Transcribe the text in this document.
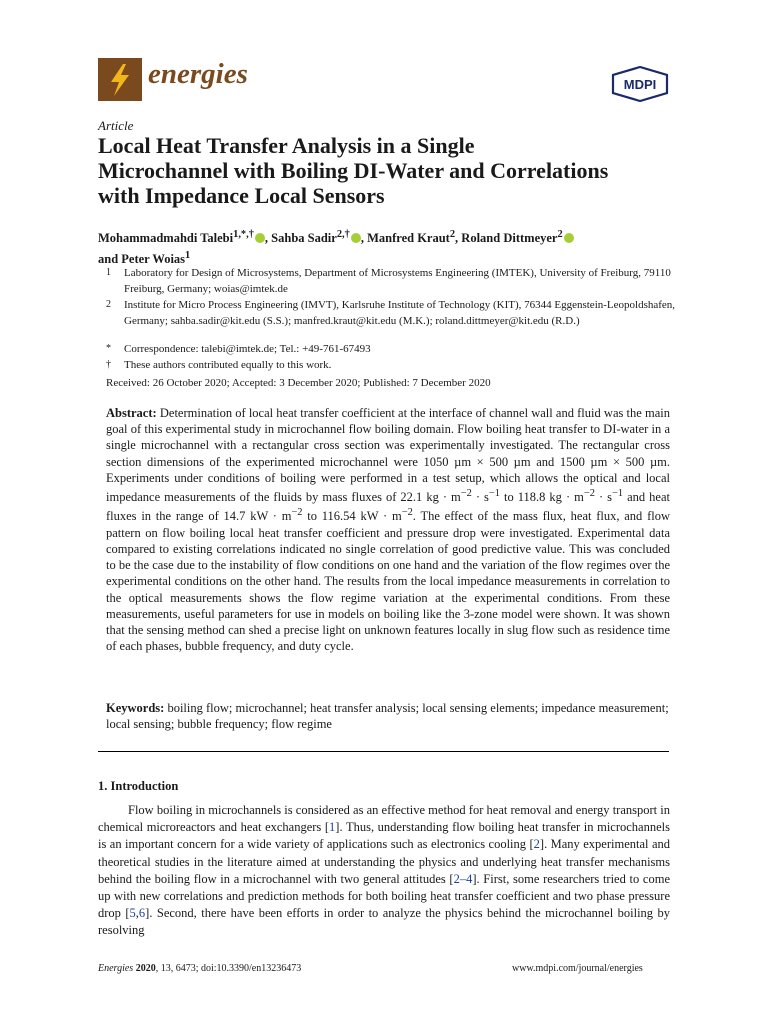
energies	MDPI
Article
Local Heat Transfer Analysis in a Single
Microchannel with Boiling DI-Water and Correlations
with Impedance Local Sensors
Mohammadmahdi Talebi$^{1,*,\dagger}$ , Sahba Sadir$^{2,\dagger}$ , Manfred Kraut$^2$, Roland Dittmeyer$^2$
and Peter Woias$^1$
1 Laboratory for Design of Microsystems, Department of Microsystems Engineering (IMTEK), University of Freiburg, 79110 Freiburg, Germany; woias@imtek.de
2 Institute for Micro Process Engineering (IMVT), Karlsruhe Institute of Technology (KIT), 76344 Eggenstein-Leopoldshafen, Germany; sahba.sadir@kit.edu (S.S.); manfred.kraut@kit.edu (M.K.); roland.dittmeyer@kit.edu (R.D.)
* Correspondence: talebi@imtek.de; Tel.: +49-761-67493
† These authors contributed equally to this work.
Received: 26 October 2020; Accepted: 3 December 2020; Published: 7 December 2020

Abstract: Determination of local heat transfer coefficient at the interface of channel wall and fluid was the main goal of this experimental study in microchannel flow boiling domain. Flow boiling heat transfer to DI-water in a single microchannel with a rectangular cross section was experimentally investigated. The rectangular cross section dimensions of the experimented microchannel were 1050 µm × 500 µm and 1500 µm × 500 µm. Experiments under conditions of boiling were performed in a test setup, which allows the optical and local impedance measurements of the fluids by mass fluxes of 22.1 kg · $m^{-2} \cdot s^{-1}$ to 118.8 kg · $m^{-2} \cdot s^{-1}$ and heat fluxes in the range of 14.7 kW · $m^{-2}$ to 116.54 kW · $m^{-2}$. The effect of the mass flux, heat flux, and flow pattern on flow boiling local heat transfer coefficient and pressure drop were investigated. Experimental data compared to existing correlations indicated no single correlation of good predictive value. This was concluded to be the case due to the instability of flow conditions on one hand and the variation of the flow regimes over the experimental conditions on the other hand. The results from the local impedance measurements in correlation to the optical measurements shows the flow regime variation at the experimental conditions. From these measurements, useful parameters for use in models on boiling like the 3-zone model were shown. It was shown that the sensing method can shed a precise light on unknown features locally in slug flow such as residence time of each phases, bubble frequency, and duty cycle.

Keywords: boiling flow; microchannel; heat transfer analysis; local sensing elements; impedance measurement; local sensing; bubble frequency; flow regime

1. Introduction

Flow boiling in microchannels is considered as an effective method for heat removal and energy transport in chemical microreactors and heat exchangers [1]. Thus, understanding flow boiling heat transfer in microchannels is an important concern for a wide variety of applications such as electronics cooling [2]. Many experimental and theoretical studies in the literature aimed at understanding the physics and underlying heat transfer mechanisms behind the boiling flow in a microchannel with two general attitudes [2–4]. First, some researchers tried to come up with new correlations and prediction methods for both boiling heat transfer coefficient and two phase pressure drop [5,6]. Second, there have been efforts in order to analyze the physics behind the microchannel boiling by resolving

Energies 2020, 13, 6473; doi:10.3390/en13236473	www.mdpi.com/journal/energies
